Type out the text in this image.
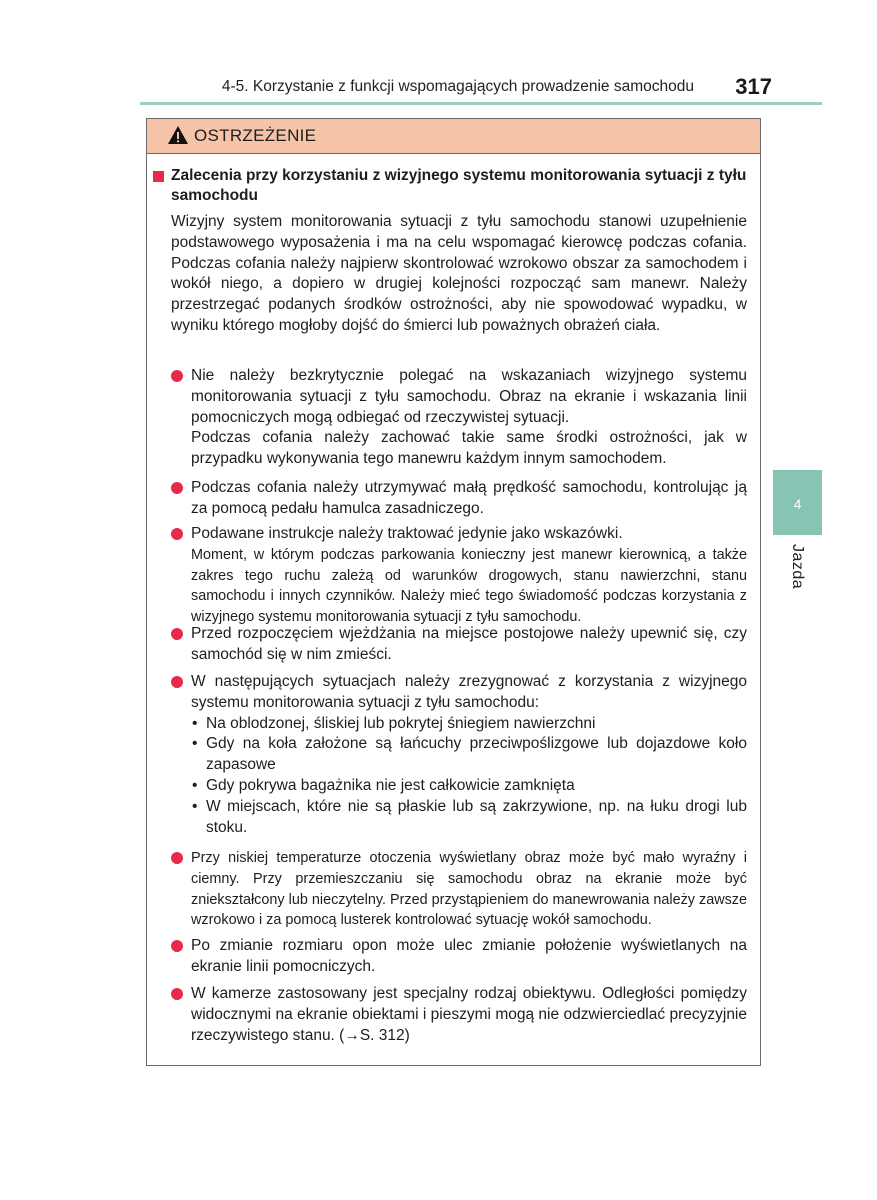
4-5. Korzystanie z funkcji wspomagających prowadzenie samochodu 317
4
Jazda
OSTRZEŻENIE
Zalecenia przy korzystaniu z wizyjnego systemu monitorowania sytuacji z tyłu samochodu
Wizyjny system monitorowania sytuacji z tyłu samochodu stanowi uzupełnienie podstawowego wyposażenia i ma na celu wspomagać kierowcę podczas cofania. Podczas cofania należy najpierw skontrolować wzrokowo obszar za samochodem i wokół niego, a dopiero w drugiej kolejności rozpocząć sam manewr. Należy przestrzegać podanych środków ostrożności, aby nie spowodować wypadku, w wyniku którego mogłoby dojść do śmierci lub poważnych obrażeń ciała.

Nie należy bezkrytycznie polegać na wskazaniach wizyjnego systemu monitorowania sytuacji z tyłu samochodu. Obraz na ekranie i wskazania linii pomocniczych mogą odbiegać od rzeczywistej sytuacji.

Podczas cofania należy zachować takie same środki ostrożności, jak w przypadku wykonywania tego manewru każdym innym samochodem.

Podczas cofania należy utrzymywać małą prędkość samochodu, kontrolując ją za pomocą pedału hamulca zasadniczego.

Podawane instrukcje należy traktować jedynie jako wskazówki.

Moment, w którym podczas parkowania konieczny jest manewr kierownicą, a także zakres tego ruchu zależą od warunków drogowych, stanu nawierzchni, stanu samochodu i innych czynników. Należy mieć tego świadomość podczas korzystania z wizyjnego systemu monitorowania sytuacji z tyłu samochodu.

Przed rozpoczęciem wjeżdżania na miejsce postojowe należy upewnić się, czy samochód się w nim zmieści.

W następujących sytuacjach należy zrezygnować z korzystania z wizyjnego systemu monitorowania sytuacji z tyłu samochodu:

• Na oblodzonej, śliskiej lub pokrytej śniegiem nawierzchni
• Gdy na koła założone są łańcuchy przeciwpoślizgowe lub dojazdowe koło zapasowe
• Gdy pokrywa bagażnika nie jest całkowicie zamknięta
• W miejscach, które nie są płaskie lub są zakrzywione, np. na łuku drogi lub stoku.

Przy niskiej temperaturze otoczenia wyświetlany obraz może być mało wyraźny i ciemny. Przy przemieszczaniu się samochodu obraz na ekranie może być zniekształcony lub nieczytelny. Przed przystąpieniem do manewrowania należy zawsze wzrokowo i za pomocą lusterek kontrolować sytuację wokół samochodu.

Po zmianie rozmiaru opon może ulec zmianie położenie wyświetlanych na ekranie linii pomocniczych.

W kamerze zastosowany jest specjalny rodzaj obiektywu. Odległości pomiędzy widocznymi na ekranie obiektami i pieszymi mogą nie odzwierciedlać precyzyjnie rzeczywistego stanu. (→S. 312)
